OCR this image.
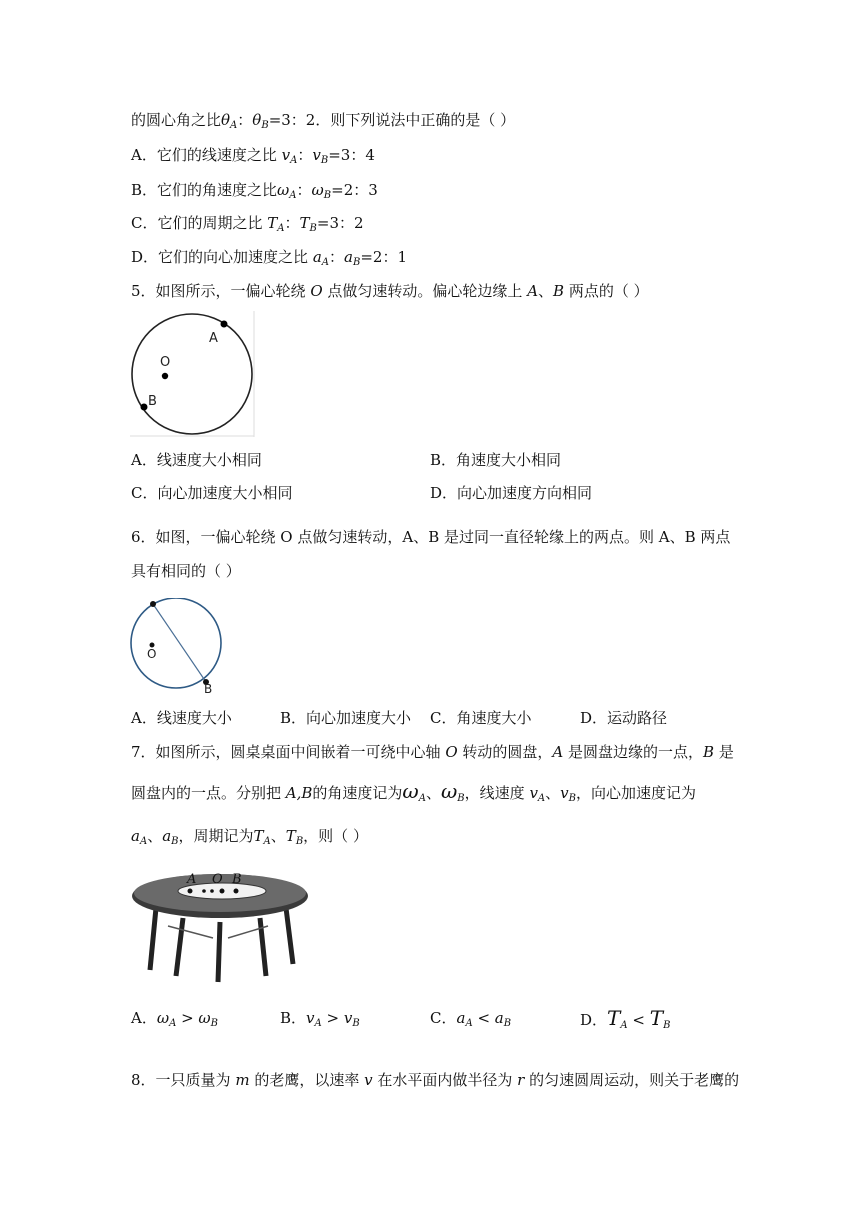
的圆心角之比$\theta_A$：$\theta_B=3$：2．则下列说法中正确的是（ ）
A．它们的线速度之比 $v_A$：$v_B=3$：4
B．它们的角速度之比$\omega_A$：$\omega_B=2$：3
C．它们的周期之比 $T_A$：$T_B=3$：2
D．它们的向心加速度之比 $a_A$：$a_B=2$：1
5．如图所示，一偏心轮绕 O 点做匀速转动。偏心轮边缘上 A、B 两点的（ ）
A
O
B
A．线速度大小相同	B．角速度大小相同
C．向心加速度大小相同	D．向心加速度方向相同
6．如图，一偏心轮绕 O 点做匀速转动，A、B 是过同一直径轮缘上的两点。则 A、B 两点
具有相同的（ ）
O
B
A．线速度大小	B．向心加速度大小 C．角速度大小	D．运动路径
7．如图所示，圆桌桌面中间嵌着一可绕中心轴 O 转动的圆盘，A 是圆盘边缘的一点，B 是
圆盘内的一点。分别把 A,B的角速度记为$\omega_A$、$\omega_B$，线速度 $v_A$、$v_B$，向心加速度记为
$a_A$、$a_B$，周期记为$T_A$、$T_B$，则（ ）
A O B
A．$\omega_A > \omega_B$	B．$v_A > v_B$	C．$a_A < a_B$	D．$T_A < T_B$
8．一只质量为 m 的老鹰，以速率 v 在水平面内做半径为 r 的匀速圆周运动，则关于老鹰的
